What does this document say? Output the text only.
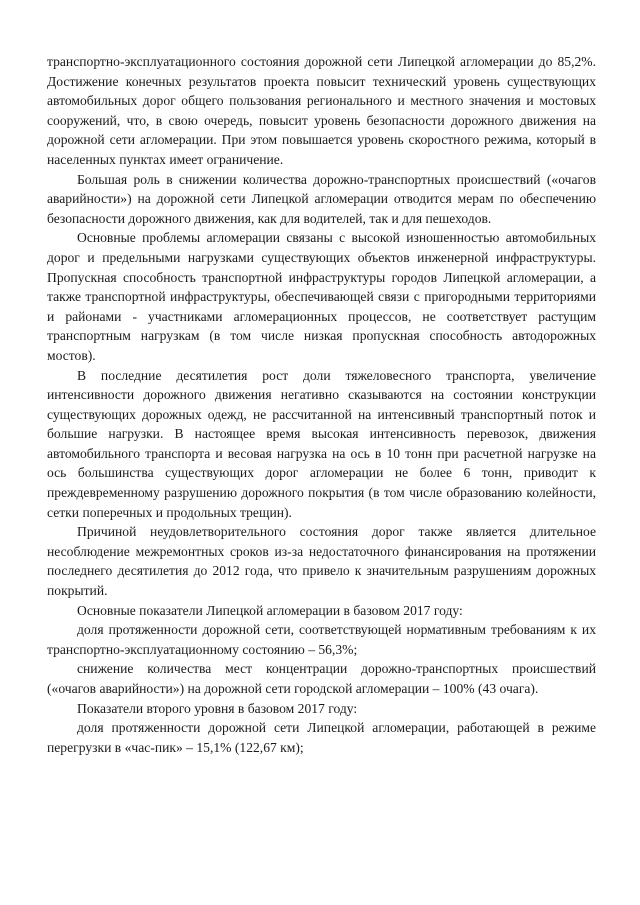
транспортно-эксплуатационного состояния дорожной сети Липецкой агломерации до 85,2%. Достижение конечных результатов проекта повысит технический уровень существующих автомобильных дорог общего пользования регионального и местного значения и мостовых сооружений, что, в свою очередь, повысит уровень безопасности дорожного движения на дорожной сети агломерации. При этом повышается уровень скоростного режима, который в населенных пунктах имеет ограничение.

Большая роль в снижении количества дорожно-транспортных происшествий («очагов аварийности») на дорожной сети Липецкой агломерации отводится мерам по обеспечению безопасности дорожного движения, как для водителей, так и для пешеходов.

Основные проблемы агломерации связаны с высокой изношенностью автомобильных дорог и предельными нагрузками существующих объектов инженерной инфраструктуры. Пропускная способность транспортной инфраструктуры городов Липецкой агломерации, а также транспортной инфраструктуры, обеспечивающей связи с пригородными территориями и районами - участниками агломерационных процессов, не соответствует растущим транспортным нагрузкам (в том числе низкая пропускная способность автодорожных мостов).

В последние десятилетия рост доли тяжеловесного транспорта, увеличение интенсивности дорожного движения негативно сказываются на состоянии конструкции существующих дорожных одежд, не рассчитанной на интенсивный транспортный поток и большие нагрузки. В настоящее время высокая интенсивность перевозок, движения автомобильного транспорта и весовая нагрузка на ось в 10 тонн при расчетной нагрузке на ось большинства существующих дорог агломерации не более 6 тонн, приводит к преждевременному разрушению дорожного покрытия (в том числе образованию колейности, сетки поперечных и продольных трещин).

Причиной неудовлетворительного состояния дорог также является длительное несоблюдение межремонтных сроков из-за недостаточного финансирования на протяжении последнего десятилетия до 2012 года, что привело к значительным разрушениям дорожных покрытий.

Основные показатели Липецкой агломерации в базовом 2017 году:

доля протяженности дорожной сети, соответствующей нормативным требованиям к их транспортно-эксплуатационному состоянию – 56,3%;

снижение количества мест концентрации дорожно-транспортных происшествий («очагов аварийности») на дорожной сети городской агломерации – 100% (43 очага).

Показатели второго уровня в базовом 2017 году:

доля протяженности дорожной сети Липецкой агломерации, работающей в режиме перегрузки в «час-пик» – 15,1% (122,67 км);
